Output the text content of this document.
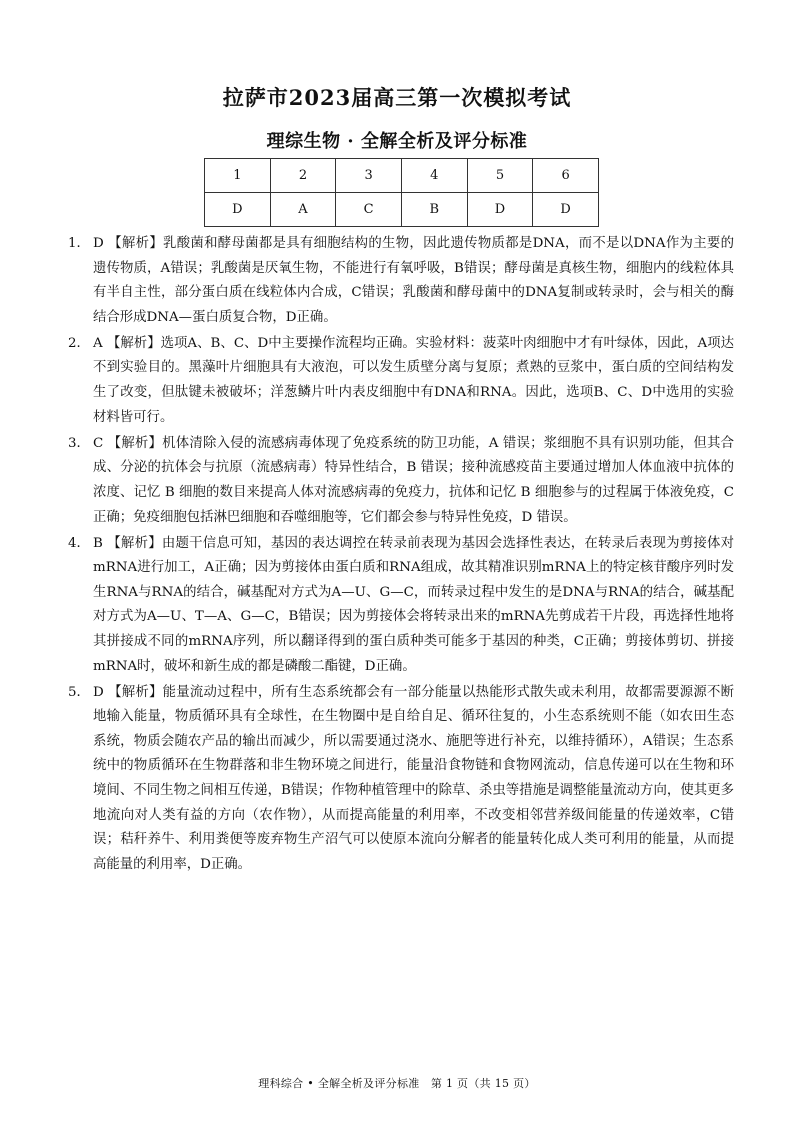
拉萨市2023届高三第一次模拟考试
理综生物 · 全解全析及评分标准
1	2	3	4	5	6
D	A	C	B	D	D

1． D 【解析】乳酸菌和酵母菌都是具有细胞结构的生物，因此遗传物质都是DNA，而不是以DNA作为主要的遗传物质，A错误；乳酸菌是厌氧生物，不能进行有氧呼吸，B错误；酵母菌是真核生物，细胞内的线粒体具有半自主性，部分蛋白质在线粒体内合成，C错误；乳酸菌和酵母菌中的DNA复制或转录时，会与相关的酶结合形成DNA—蛋白质复合物，D正确。

2． A 【解析】选项A、B、C、D中主要操作流程均正确。实验材料：菠菜叶肉细胞中才有叶绿体，因此，A项达不到实验目的。黑藻叶片细胞具有大液泡，可以发生质壁分离与复原；煮熟的豆浆中，蛋白质的空间结构发生了改变，但肽键未被破坏；洋葱鳞片叶内表皮细胞中有DNA和RNA。因此，选项B、C、D中选用的实验材料皆可行。

3． C 【解析】机体清除入侵的流感病毒体现了免疫系统的防卫功能，A 错误；浆细胞不具有识别功能，但其合成、分泌的抗体会与抗原（流感病毒）特异性结合，B 错误；接种流感疫苗主要通过增加人体血液中抗体的浓度、记忆 B 细胞的数目来提高人体对流感病毒的免疫力，抗体和记忆 B 细胞参与的过程属于体液免疫，C 正确；免疫细胞包括淋巴细胞和吞噬细胞等，它们都会参与特异性免疫，D 错误。

4． B 【解析】由题干信息可知，基因的表达调控在转录前表现为基因会选择性表达，在转录后表现为剪接体对mRNA进行加工，A正确；因为剪接体由蛋白质和RNA组成，故其精准识别mRNA上的特定核苷酸序列时发生RNA与RNA的结合，碱基配对方式为A—U、G—C，而转录过程中发生的是DNA与RNA的结合，碱基配对方式为A—U、T—A、G—C，B错误；因为剪接体会将转录出来的mRNA先剪成若干片段，再选择性地将其拼接成不同的mRNA序列，所以翻译得到的蛋白质种类可能多于基因的种类，C正确；剪接体剪切、拼接mRNA时，破坏和新生成的都是磷酸二酯键，D正确。

5． D 【解析】能量流动过程中，所有生态系统都会有一部分能量以热能形式散失或未利用，故都需要源源不断地输入能量，物质循环具有全球性，在生物圈中是自给自足、循环往复的，小生态系统则不能（如农田生态系统，物质会随农产品的输出而减少，所以需要通过浇水、施肥等进行补充，以维持循环），A错误；生态系统中的物质循环在生物群落和非生物环境之间进行，能量沿食物链和食物网流动，信息传递可以在生物和环境间、不同生物之间相互传递，B错误；作物种植管理中的除草、杀虫等措施是调整能量流动方向，使其更多地流向对人类有益的方向（农作物），从而提高能量的利用率，不改变相邻营养级间能量的传递效率，C错误；秸秆养牛、利用粪便等废弃物生产沼气可以使原本流向分解者的能量转化成人类可利用的能量，从而提高能量的利用率，D正确。

理科综合 • 全解全析及评分标准　第 1 页（共 15 页）
